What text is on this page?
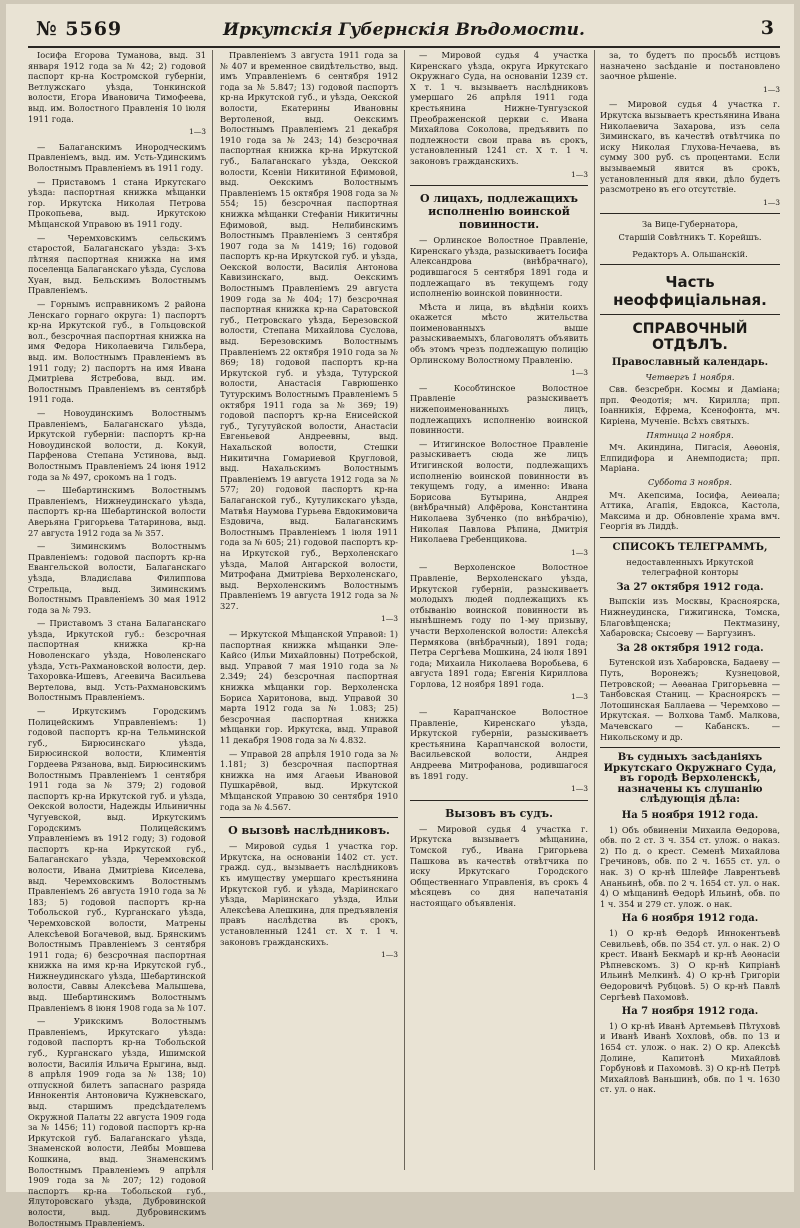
№ 5569	Иркутскія Губернскія Вѣдомости.	3

Іосифа Егорова Туманова, выд. 31 января 1912 года за № 42; 2) годовой паспорт кр-на Костромской губерніи, Ветлужскаго уѣзда, Тонкинской волости, Егора Ивановича Тимофеева, выд. им. Волостного Правленія 10 іюля 1911 года.

1—3

— Балаганскимъ Инородческимъ Правленіемъ, выд. им. Усть-Удинскимъ Волостнымъ Правленіемъ въ 1911 году.

— Приставомъ 1 стана Иркутскаго уѣзда: паспортная книжка мѣщанки гор. Иркутска Николая Петрова Прокопьева, выд. Иркутскою Мѣщанской Управою въ 1911 году.

— Черемховскимъ сельскимъ старостой, Балаганскаго уѣзда: 3-хъ лѣтняя паспортная книжка на имя поселенца Балаганскаго уѣзда, Суслова Хуан, выд. Бельскимъ Волостнымъ Правленіемъ.

— Горнымъ исправникомъ 2 района Ленскаго горнаго округа: 1) паспортъ кр-на Иркутской губ., в Гольцовской вол., безсрочная паспортная книжка на имя Федора Николаевича Гильбера, выд. им. Волостнымъ Правленіемъ въ 1911 году; 2) паспортъ на имя Ивана Дмитріева Ястребова, выд. им. Волостнымъ Правленіемъ въ сентябрѣ 1911 года.

— Новоудинскимъ Волостнымъ Правленіемъ, Балаганскаго уѣзда, Иркутской губерніи: паспортъ кр-на Новоудинской волости, д. Кокуй, Парфенова Степана Устинова, выд. Волостнымъ Правленіемъ 24 іюня 1912 года за № 497, срокомъ на 1 годъ.

— Шебартинскимъ Волостнымъ Правленіемъ, Нижнеудинскаго уѣзда, паспортъ кр-на Шебартинской волости Аверьяна Григорьева Татаринова, выд. 27 августа 1912 года за № 357.

— Зиминскимъ Волостнымъ Правленіемъ: годовой паспортъ кр-на Евангельской волости, Балаганскаго уѣзда, Владислава Филиппова Стрельца, выд. Зиминскимъ Волостнымъ Правленіемъ 30 мая 1912 года за № 793.

— Приставомъ 3 стана Балаганскаго уѣзда, Иркутской губ.: безсрочная паспортная книжка кр-на Новоленскаго уѣзда, Новоленскаго уѣзда, Усть-Рахмановской волости, дер. Тахоровка-Ишевъ, Агеевича Васильева Вертелова, выд. Усть-Рахмановскимъ Волостнымъ Правленіемъ.

— Иркутскимъ Городскимъ Полицейскимъ Управленіемъ: 1) годовой паспортъ кр-на Тельминской губ., Бирюсинскаго уѣзда, Бирюсинской волости, Климентія Гордеева Рязанова, выд. Бирюсинскимъ Волостнымъ Правленіемъ 1 сентября 1911 года за № 379; 2) годовой паспортъ кр-на Иркутской губ. и уѣзда, Оекской волости, Надежды Ильиничны Чугуевской, выд. Иркутскимъ Городскимъ Полицейскимъ Управленіемъ въ 1912 году; 3) годовой паспортъ кр-на Иркутской губ., Балаганскаго уѣзда, Черемховской волости, Ивана Дмитріева Киселева, выд. Черемховскимъ Волостнымъ Правленіемъ 26 августа 1910 года за № 183; 5) годовой паспортъ кр-на Тобольской губ., Курганскаго уѣзда, Черемховской волости, Матрены Алексѣевой Богачевой, выд. Брянскимъ Волостнымъ Правленіемъ 3 сентября 1911 года; 6) безсрочная паспортная книжка на имя кр-на Иркутской губ., Нижнеудинскаго уѣзда, Шебартинской волости, Саввы Алексѣева Малышева, выд. Шебартинскимъ Волостнымъ Правленіемъ 8 іюня 1908 года за № 107.

— Урикскимъ Волостнымъ Правленіемъ, Иркутскаго уѣзда: годовой паспортъ кр-на Тобольской губ., Курганскаго уѣзда, Ишимской волости, Василія Ильича Ерыгина, выд. 8 апрѣля 1909 года за № 138; 10) отпускной билетъ запаснаго разряда Иннокентія Антоновича Кужневскаго, выд. старшимъ предсѣдателемъ Окружной Палаты 22 августа 1909 года за № 1456; 11) годовой паспортъ кр-на Иркутской губ. Балаганскаго уѣзда, Знаменской волости, Лейбы Мовшева Кошкина, выд. Знаменскимъ Волостнымъ Правленіемъ 9 апрѣля 1909 года за № 207; 12) годовой паспортъ кр-на Тобольской губ., Ялуторовскаго уѣзда, Дубровинской волости, выд. Дубровинскимъ Волостнымъ Правленіемъ.

Правленіемъ 3 августа 1911 года за № 407 и временное свидѣтельство, выд. имъ Управленіемъ 6 сентября 1912 года за № 5.847; 13) годовой паспортъ кр-на Иркутской губ., и уѣзда, Оекской волости, Екатерины Ивановны Вертоленой, выд. Оекскимъ Волостнымъ Правленіемъ 21 декабря 1910 года за № 243; 14) безсрочная паспортная книжка кр-на Иркутской губ., Балаганскаго уѣзда, Оекской волости, Ксеніи Никитиной Ефимовой, выд. Оекскимъ Волостнымъ Правленіемъ 15 октября 1908 года за № 554; 15) безсрочная паспортная книжка мѣщанки Стефаніи Никитичны Ефимовой, выд. Нелибинскимъ Волостнымъ Правленіемъ 3 сентября 1907 года за № 1419; 16) годовой паспортъ кр-на Иркутской губ. и уѣзда, Оекской волости, Василія Антонова Кавизинскаго, выд. Оекскимъ Волостнымъ Правленіемъ 29 августа 1909 года за № 404; 17) безсрочная паспортная книжка кр-на Саратовской губ., Петровскаго уѣзда, Березовской волости, Степана Михайлова Суслова, выд. Березовскимъ Волостнымъ Правленіемъ 22 октября 1910 года за № 869; 18) годовой паспортъ кр-на Иркутской губ. и уѣзда, Тутурской волости, Анастасія Гаврюшенко Тутурскимъ Волостнымъ Правленіемъ 5 октября 1911 года за № 369; 19) годовой паспортъ кр-на Енисейской губ., Тугутуйской волости, Анастасіи Евгеньевой Андреевны, выд. Нахальской волости, Стешки Никитична Гомариевой Кругловой, выд. Нахальскимъ Волостнымъ Правленіемъ 19 августа 1912 года за № 577; 20) годовой паспортъ кр-на Балаганской губ., Кутуликскаго уѣзда, Матвѣя Наумова Гурьева Евдокимовича Ездовича, выд. Балаганскимъ Волостнымъ Правленіемъ 1 іюля 1911 года за № 605; 21) годовой паспортъ кр-на Иркутской губ., Верхоленскаго уѣзда, Малой Ангарской волости, Митрофана Дмитріева Верхоленскаго, выд. Верхоленскимъ Волостнымъ Правленіемъ 19 августа 1912 года за № 327.

1—3

— Иркутской Мѣщанской Управой: 1) паспортная книжка мѣщанки Эле-Кайсо (Ильи Михайловны) Потребской, выд. Управой 7 мая 1910 года за № 2.349; 24) безсрочная паспортная книжка мѣщанки гор. Верхоленска Бориса Харитонова, выд. Управой 30 марта 1912 года за № 1.083; 25) безсрочная паспортная книжка мѣщанки гор. Иркутска, выд. Управой 11 декабря 1908 года за № 4.832.

— Управой 28 апрѣля 1910 года за № 1.181; 3) безсрочная паспортная книжка на имя Агаѳьи Ивановой Пушкарёвой, выд. Иркутской Мѣщанской Управою 30 сентября 1910 года за № 4.567.

О вызовѣ наслѣдниковъ.

— Мировой судья 1 участка гор. Иркутска, на основаніи 1402 ст. уст. гражд. суд., вызываетъ наслѣдниковъ къ имуществу умершаго крестьянина Иркутской губ. и уѣзда, Маріинскаго уѣзда, Маріинскаго уѣзда, Ильи Алексѣева Алешкина, для предъявленія правъ наслѣдства въ срокъ, установленный 1241 ст. Х т. 1 ч. законовъ гражданскихъ.

1—3

— Мировой судья 4 участка Киренскаго уѣзда, округа Иркутскаго Окружнаго Суда, на основаніи 1239 ст. Х т. 1 ч. вызываетъ наслѣдниковъ умершаго 26 апрѣля 1911 года крестьянина Нижне-Тунгузской Преображенской церкви с. Ивана Михайлова Соколова, предъявить по подлежности свои права въ срокъ, установленный 1241 ст. Х т. 1 ч. законовъ гражданскихъ.

1—3
О лицахъ, подлежащихъ исполненію воинской повинности.

— Орлинское Волостное Правленіе, Киренскаго уѣзда, разыскиваетъ Іосифа Александрова (внѣбрачнаго), родившагося 5 сентября 1891 года и подлежащаго въ текущемъ году исполненію воинской повинности.

Мѣста и лица, въ вѣдѣніи коихъ окажется мѣсто жительства поименованныхъ выше разыскиваемыхъ, благоволятъ объявить объ этомъ чрезъ подлежащую полицію Орлинскому Волостному Правленію.

1—3

— Кособтинское Волостное Правленіе разыскиваетъ нижепоименованныхъ лицъ, подлежащихъ исполненію воинской повинности.

— Итигинское Волостное Правленіе разыскиваетъ сюда же лицъ Итигинской волости, подлежащихъ исполненію воинской повинности въ текущемъ году, а именно: Ивана Борисова Бутырина, Андрея (внѣбрачный) Алфёрова, Константина Николаева Зубченко (по внѣбрачію), Николая Павлова Рѣпина, Дмитрія Николаева Гребенщикова.

1—3

— Верхоленское Волостное Правленіе, Верхоленскаго уѣзда, Иркутской губерніи, разыскиваетъ молодыхъ людей подлежащихъ къ отбыванію воинской повинности въ нынѣшнемъ году по 1-му призыву, участи Верхоленской волости: Алексѣя Пермякова (внѣбрачный), 1891 года; Петра Сергѣева Мошкина, 24 іюля 1891 года; Михаила Николаева Воробьева, 6 августа 1891 года; Евгенія Кириллова Горлова, 12 ноября 1891 года.

1—3

— Карапчанское Волостное Правленіе, Киренскаго уѣзда, Иркутской губерніи, разыскиваетъ крестьянина Карапчанской волости, Васильевской волости, Андрея Андреева Митрофанова, родившагося въ 1891 году.

1—3
Вызовъ въ судъ.

— Мировой судья 4 участка г. Иркутска вызываетъ мѣщанина, Томской губ., Ивана Григорьева Пашкова въ качествѣ отвѣтчика по иску Иркутскаго Городского Общественнаго Управленія, въ срокъ 4 мѣсяцевъ со дня напечатанія настоящаго объявленія.

за, то будетъ по просьбѣ истцовъ назначено засѣданіе и постановлено заочное рѣшеніе.

1—3

— Мировой судья 4 участка г. Иркутска вызываетъ крестьянина Ивана Николаевича Захарова, изъ села Зиминскаго, въ качествѣ отвѣтчика по иску Николая Глухова-Нечаева, въ сумму 300 руб. съ процентами. Если вызываемый явится въ срокъ, установленный для явки, дѣло будетъ разсмотрено въ его отсутствіе.

1—3
За Вице-Губернатора,
Старшій Совѣтникъ Т. Корейшъ.
Редакторъ А. Ольшанскій.
Часть неоффиціальная.
СПРАВОЧНЫЙ ОТДѢЛЪ.
Православный календарь.
Четвергъ 1 ноября.

Свв. безсребрн. Космы и Даміана; прп. Феодотія; мч. Кирилла; прп. Іоанникія, Ефрема, Ксенофонта, мч. Киріена, Мученіе. Всѣхъ святыхъ.

Пятница 2 ноября.

Мч. Акиндина, Пигасія, Аѳѳонія, Елпидифора и Анемподиста; прп. Маріана.

Суббота 3 ноября.

Мч. Акепсима, Іосифа, Аеиѳала; Аттика, Агапія, Евдокса, Кастола, Максима и др. Обновленіе храма вмч. Георгія въ Лиддѣ.

СПИСОКЪ ТЕЛЕГРАММЪ,
недоставленныхъ Иркутской телеграфной конторы
За 27 октября 1912 года.

Выпскіи изъ Москвы, Красноярска, Нижнеудинска, Гижигинска, Томска, Благовѣщенска; Пектмазину, Хабаровска; Сысоеву — Баргузинъ.

За 28 октября 1912 года.

Бутенской изъ Хабаровска, Бадаеву — Путь, Воронежъ; Кузнецовой, Петровской; — Аѳѳанаа Григорьевна — Танбовская Станиц. — Красноярскъ — Лотошинская Баллаева — Черемхово — Иркутская. — Волхова Тамб. Малкова, Мачевскаго — Кабанскъ. — Никольскому и др.

Въ судныхъ засѣданіяхъ Иркутскаго Окружнаго Суда, въ городѣ Верхоленскѣ, назначены къ слушанію слѣдующія дѣла:
На 5 ноября 1912 года.

1) Объ обвиненіи Михаила Ѳедорова, обв. по 2 ст. 3 ч. 354 ст. улож. о наказ. 2) По д. о крест. Семенѣ Михайлова Гречиновъ, обв. по 2 ч. 1655 ст. ул. о нак. 3) О кр-нѣ Шлейфе Лаврентьевѣ Ананьинѣ, обв. по 2 ч. 1654 ст. ул. о нак. 4) О мѣщанинѣ Ѳедорѣ Ильинѣ, обв. по 1 ч. 354 и 279 ст. улож. о нак.

На 6 ноября 1912 года.

1) О кр-нѣ Ѳедорѣ Иннокентьевѣ Севильевѣ, обв. по 354 ст. ул. о нак. 2) О крест. Иванѣ Бекмарѣ и кр-нѣ Аѳонасіи Рѣпневскомъ. 3) О кр-нѣ Кипріанѣ Ильинѣ Мелкинѣ. 4) О кр-нѣ Григоріи Ѳедоровичѣ Рубцовѣ. 5) О кр-нѣ Павлѣ Сергѣевѣ Пахомовѣ.

На 7 ноября 1912 года.

1) О кр-нѣ Иванѣ Артемьевѣ Пѣтуховѣ и Иванѣ Иванѣ Хохловѣ, обв. по 13 и 1654 ст. улож. о нак. 2) О кр. Алексѣѣ Долине, Капитонѣ Михайловѣ Горбуновѣ и Пахомовѣ. 3) О кр-нѣ Петрѣ Михайловѣ Ваньшинѣ, обв. по 1 ч. 1630 ст. ул. о нак.
